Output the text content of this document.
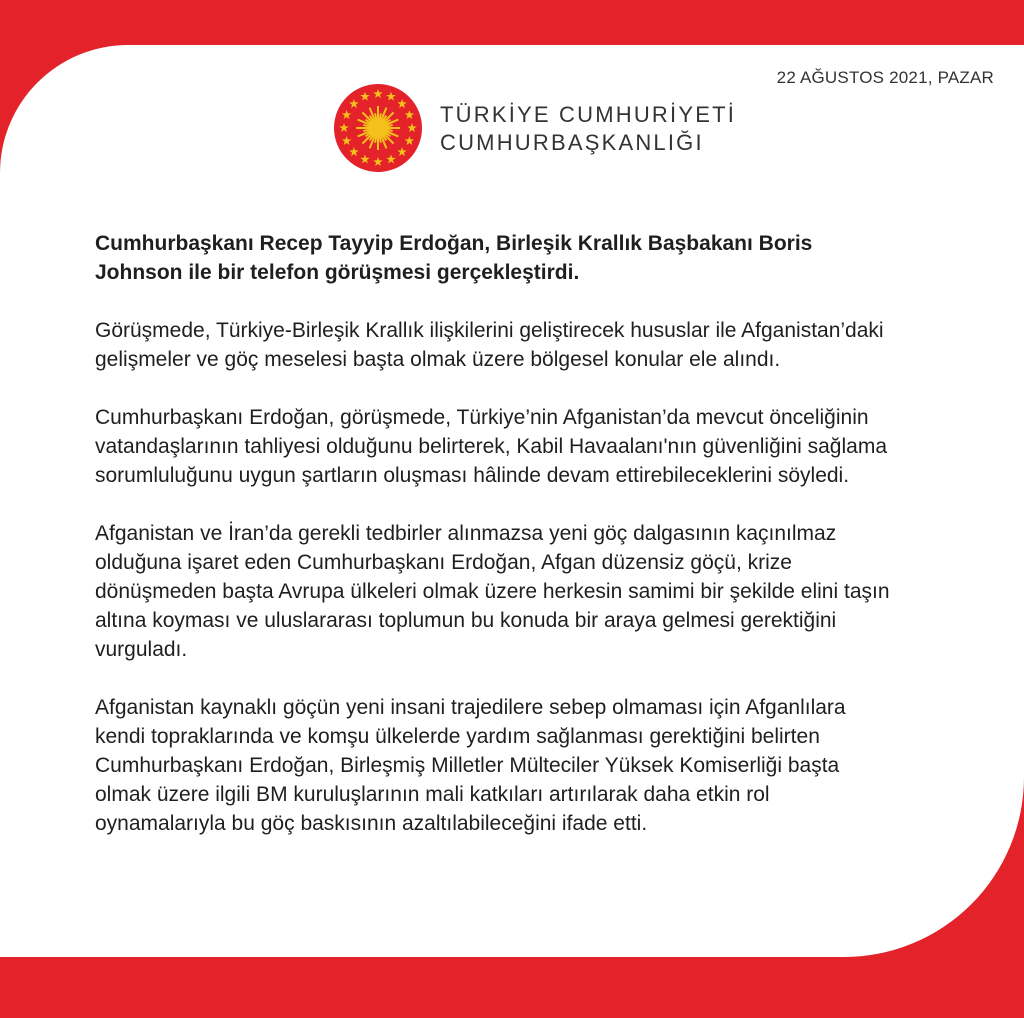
22 AĞUSTOS 2021, PAZAR
TÜRKİYE CUMHURİYETİ
CUMHURBAŞKANLIĞI

Cumhurbaşkanı Recep Tayyip Erdoğan, Birleşik Krallık Başbakanı Boris Johnson ile bir telefon görüşmesi gerçekleştirdi.

Görüşmede, Türkiye-Birleşik Krallık ilişkilerini geliştirecek hususlar ile Afganistan’daki gelişmeler ve göç meselesi başta olmak üzere bölgesel konular ele alındı.

Cumhurbaşkanı Erdoğan, görüşmede, Türkiye’nin Afganistan’da mevcut önceliğinin vatandaşlarının tahliyesi olduğunu belirterek, Kabil Havaalanı'nın güvenliğini sağlama sorumluluğunu uygun şartların oluşması hâlinde devam ettirebileceklerini söyledi.

Afganistan ve İran’da gerekli tedbirler alınmazsa yeni göç dalgasının kaçınılmaz olduğuna işaret eden Cumhurbaşkanı Erdoğan, Afgan düzensiz göçü, krize dönüşmeden başta Avrupa ülkeleri olmak üzere herkesin samimi bir şekilde elini taşın altına koyması ve uluslararası toplumun bu konuda bir araya gelmesi gerektiğini vurguladı.

Afganistan kaynaklı göçün yeni insani trajedilere sebep olmaması için Afganlılara kendi topraklarında ve komşu ülkelerde yardım sağlanması gerektiğini belirten Cumhurbaşkanı Erdoğan, Birleşmiş Milletler Mülteciler Yüksek Komiserliği başta olmak üzere ilgili BM kuruluşlarının mali katkıları artırılarak daha etkin rol oynamalarıyla bu göç baskısının azaltılabileceğini ifade etti.
